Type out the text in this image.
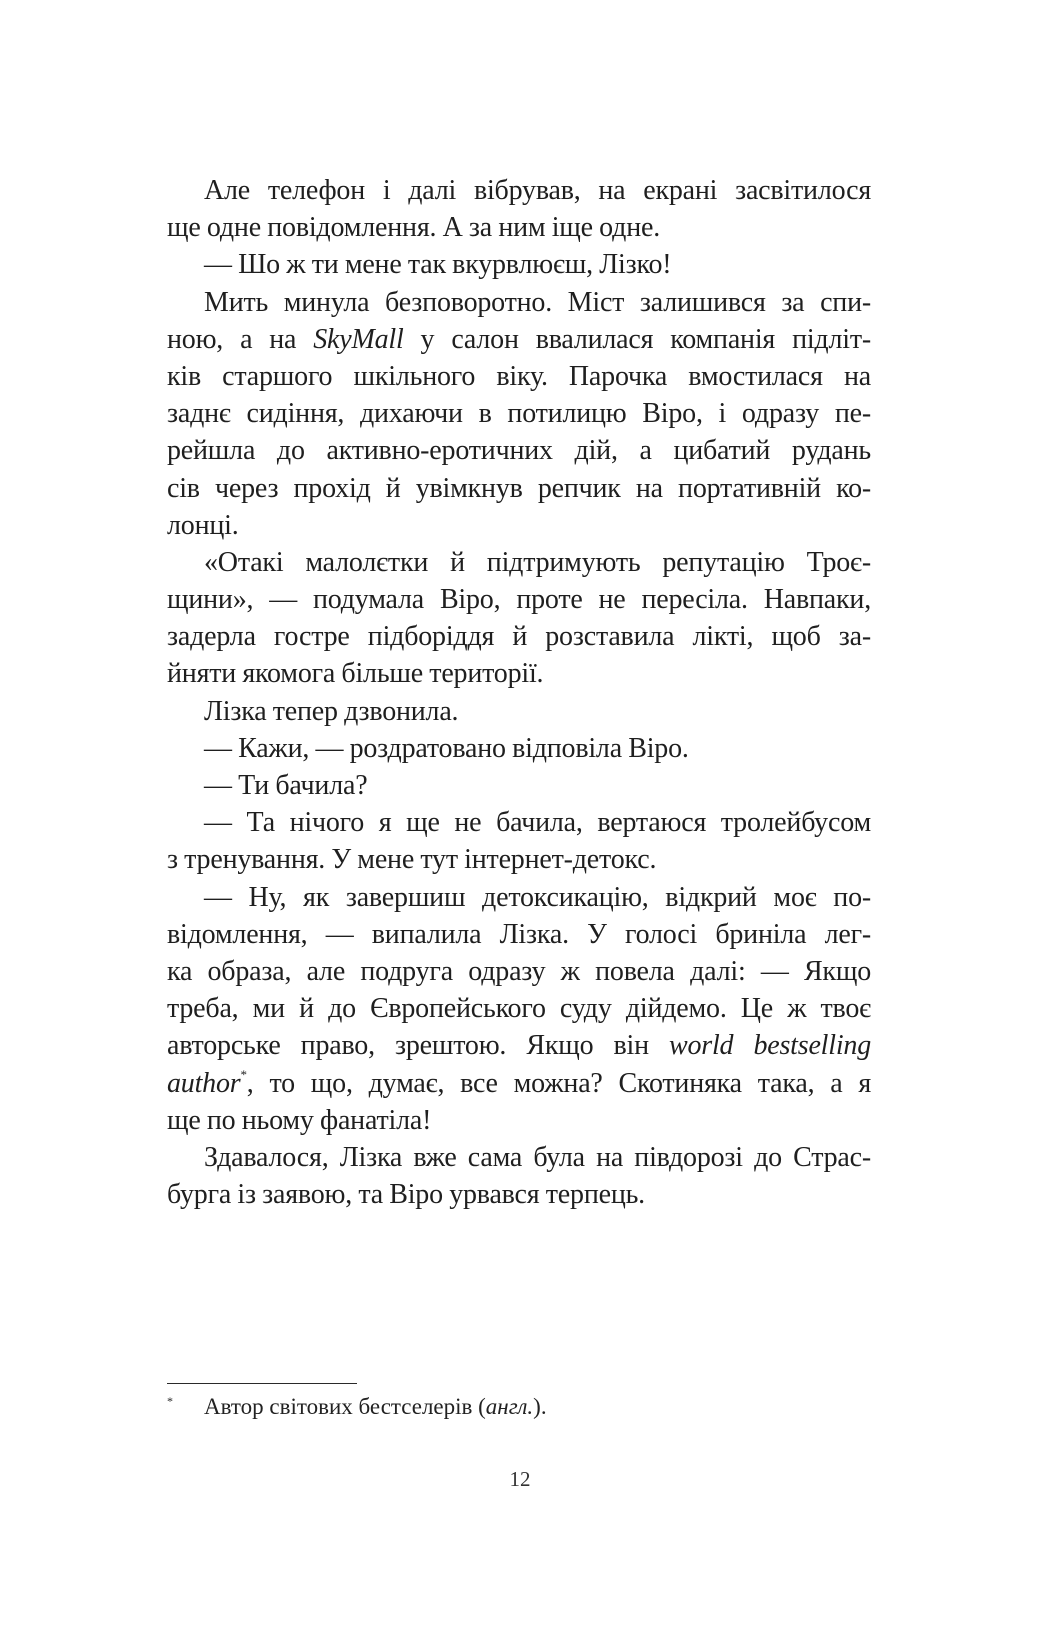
Але телефон і далі вібрував, на екрані засвітилося
ще одне повідомлення. А за ним іще одне.
— Шо ж ти мене так вкурвлюєш, Лізко!
Мить минула безповоротно. Міст залишився за спи-
ною, а на SkyMall у салон ввалилася компанія підліт-
ків старшого шкільного віку. Парочка вмостилася на
заднє сидіння, дихаючи в потилицю Віро, і одразу пе-
рейшла до активно-еротичних дій, а цибатий рудань
сів через прохід й увімкнув репчик на портативній ко-
лонці.
«Отакі малолєтки й підтримують репутацію Троє-
щини», — подумала Віро, проте не пересіла. Навпаки,
задерла гостре підборіддя й розставила лікті, щоб за-
йняти якомога більше території.
Лізка тепер дзвонила.
— Кажи, — роздратовано відповіла Віро.
— Ти бачила?
— Та нічого я ще не бачила, вертаюся тролейбусом
з тренування. У мене тут інтернет-детокс.
— Ну, як завершиш детоксикацію, відкрий моє по-
відомлення, — випалила Лізка. У голосі бриніла лег-
ка образа, але подруга одразу ж повела далі: — Якщо
треба, ми й до Європейського суду дійдемо. Це ж твоє
авторське право, зрештою. Якщо він world bestselling
author*, то що, думає, все можна? Скотиняка така, а я
ще по ньому фанатіла!
Здавалося, Лізка вже сама була на півдорозі до Страс-
бурга із заявою, та Віро урвався терпець.
* Автор світових бестселерів (англ.).
12
